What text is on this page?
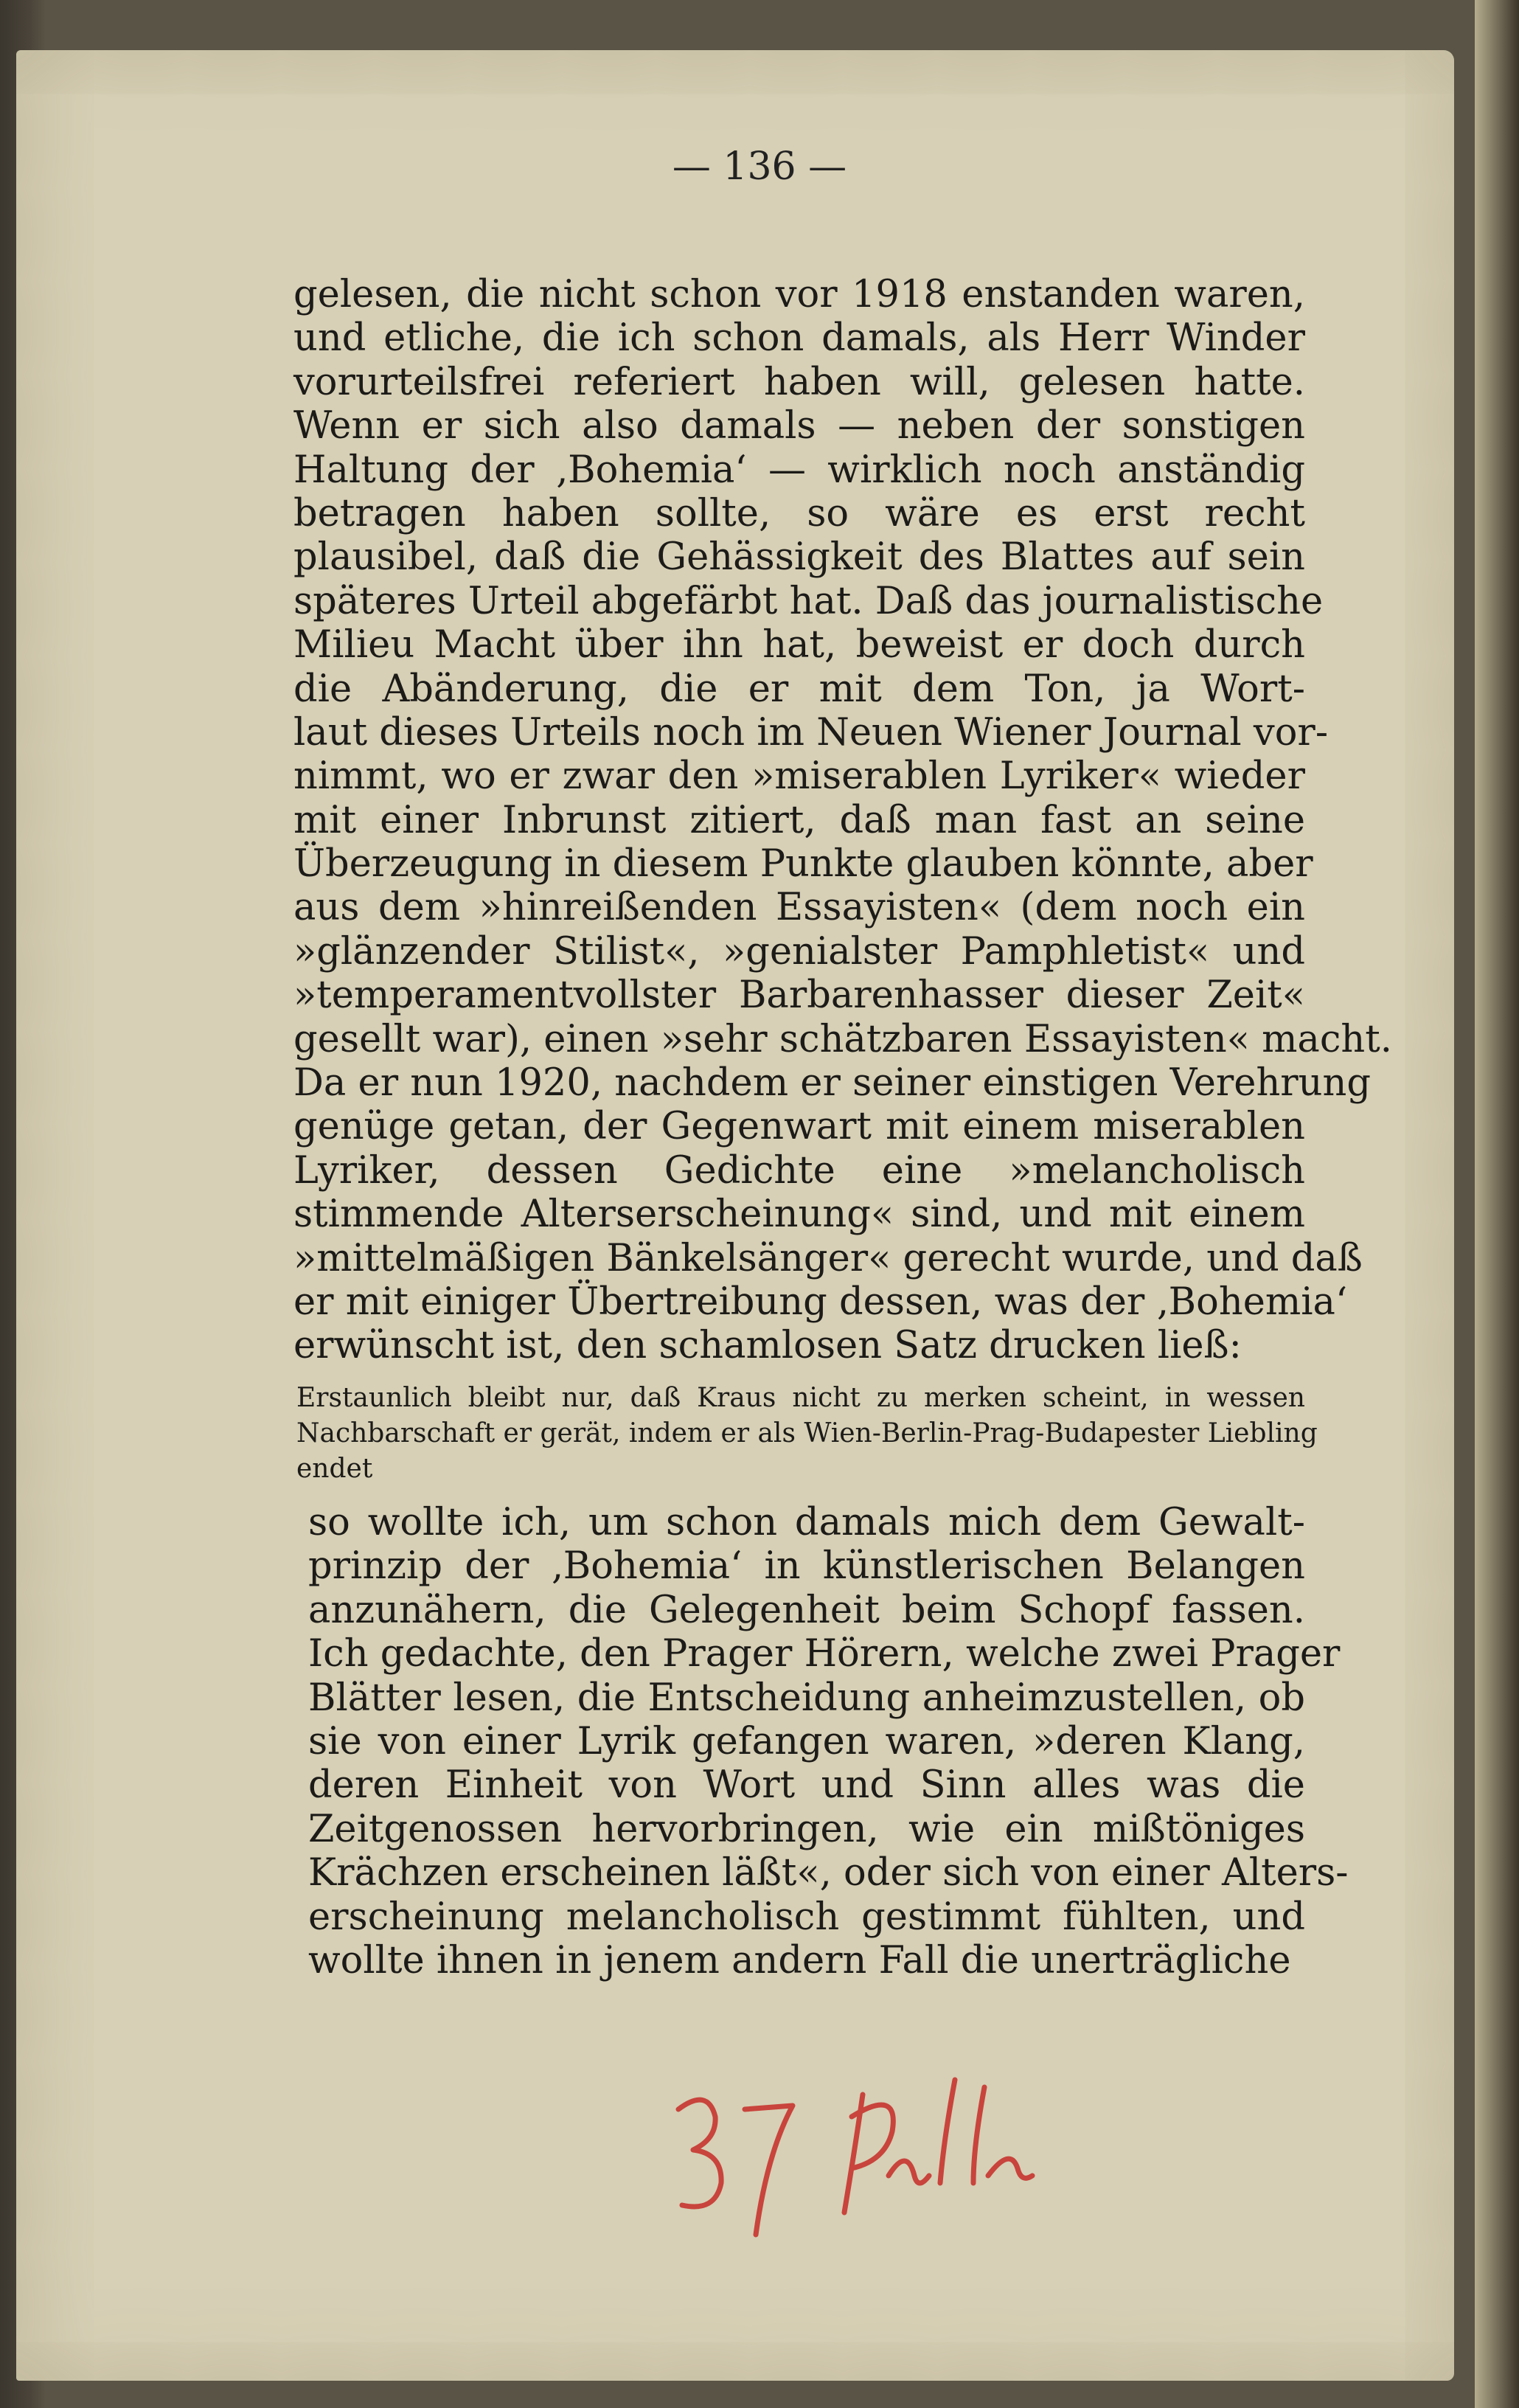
— 136 —
gelesen, die nicht schon vor 1918 enstanden waren,
und etliche, die ich schon damals, als Herr Winder
vorurteilsfrei referiert haben will, gelesen hatte.
Wenn er sich also damals — neben der sonstigen
Haltung der ‚Bohemia‘ — wirklich noch anständig
betragen haben sollte, so wäre es erst recht
plausibel, daß die Gehässigkeit des Blattes auf sein
späteres Urteil abgefärbt hat. Daß das journalistische
Milieu Macht über ihn hat, beweist er doch durch
die Abänderung, die er mit dem Ton, ja Wort-
laut dieses Urteils noch im Neuen Wiener Journal vor-
nimmt, wo er zwar den »miserablen Lyriker« wieder
mit einer Inbrunst zitiert, daß man fast an seine
Überzeugung in diesem Punkte glauben könnte, aber
aus dem »hinreißenden Essayisten« (dem noch ein
»glänzender Stilist«, »genialster Pamphletist« und
»temperamentvollster Barbarenhasser dieser Zeit«
gesellt war), einen »sehr schätzbaren Essayisten« macht.
Da er nun 1920, nachdem er seiner einstigen Verehrung
genüge getan, der Gegenwart mit einem miserablen
Lyriker, dessen Gedichte eine »melancholisch
stimmende Alterserscheinung« sind, und mit einem
»mittelmäßigen Bänkelsänger« gerecht wurde, und daß
er mit einiger Übertreibung dessen, was der ‚Bohemia‘
erwünscht ist, den schamlosen Satz drucken ließ:
Erstaunlich bleibt nur, daß Kraus nicht zu merken scheint, in wessen
Nachbarschaft er gerät, indem er als Wien-Berlin-Prag-Budapester Liebling
endet
so wollte ich, um schon damals mich dem Gewalt-
prinzip der ‚Bohemia‘ in künstlerischen Belangen
anzunähern, die Gelegenheit beim Schopf fassen.
Ich gedachte, den Prager Hörern, welche zwei Prager
Blätter lesen, die Entscheidung anheimzustellen, ob
sie von einer Lyrik gefangen waren, »deren Klang,
deren Einheit von Wort und Sinn alles was die
Zeitgenossen hervorbringen, wie ein mißtöniges
Krächzen erscheinen läßt«, oder sich von einer Alters-
erscheinung melancholisch gestimmt fühlten, und
wollte ihnen in jenem andern Fall die unerträgliche
